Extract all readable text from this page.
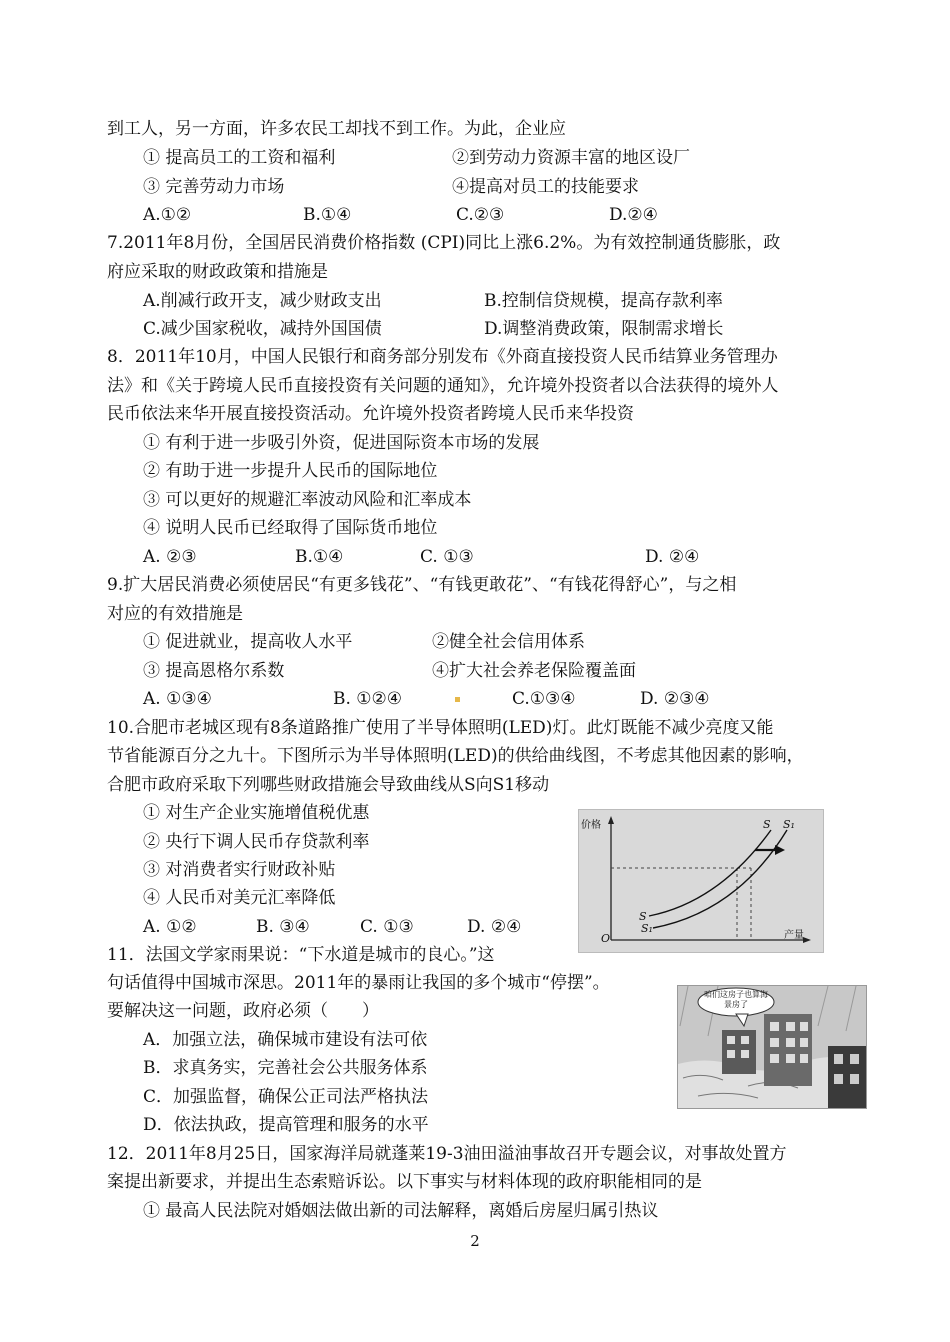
到工人，另一方面，许多农民工却找不到工作。为此，企业应
① 提高员工的工资和福利	②到劳动力资源丰富的地区设厂
③ 完善劳动力市场	④提高对员工的技能要求
A.①②	B.①④	C.②③	D.②④
7.2011年8月份，全国居民消费价格指数 (CPI)同比上涨6.2%。为有效控制通货膨胀，政
府应采取的财政政策和措施是
A.削减行政开支，减少财政支出	B.控制信贷规模，提高存款利率
C.减少国家税收，减持外国国债	D.调整消费政策，限制需求增长
8．2011年10月，中国人民银行和商务部分别发布《外商直接投资人民币结算业务管理办
法》和《关于跨境人民币直接投资有关问题的通知》，允许境外投资者以合法获得的境外人
民币依法来华开展直接投资活动。允许境外投资者跨境人民币来华投资
① 有利于进一步吸引外资，促进国际资本市场的发展
② 有助于进一步提升人民币的国际地位
③ 可以更好的规避汇率波动风险和汇率成本
④ 说明人民币已经取得了国际货币地位
A. ②③	B.①④	C. ①③	D. ②④
9.扩大居民消费必须使居民“有更多钱花”、“有钱更敢花”、“有钱花得舒心”，与之相
对应的有效措施是
① 促进就业，提高收人水平	②健全社会信用体系
③ 提高恩格尔系数	④扩大社会养老保险覆盖面
A. ①③④	B. ①②④	C.①③④	D. ②③④
10.合肥市老城区现有8条道路推广使用了半导体照明(LED)灯。此灯既能不减少亮度又能
节省能源百分之九十。下图所示为半导体照明(LED)的供给曲线图，不考虑其他因素的影响，
合肥市政府采取下列哪些财政措施会导致曲线从S向S1移动
① 对生产企业实施增值税优惠
② 央行下调人民币存贷款利率
③ 对消费者实行财政补贴
④ 人民币对美元汇率降低
A. ①②	B. ③④	C. ①③	D. ②④
价格
产量
O
S S₁
S
S₁
11．法国文学家雨果说：“下水道是城市的良心。”这
句话值得中国城市深思。2011年的暴雨让我国的多个城市“停摆”。
要解决这一问题，政府必须（　　）
A．加强立法，确保城市建设有法可依
B．求真务实，完善社会公共服务体系
C．加强监督，确保公正司法严格执法
D．依法执政，提高管理和服务的水平
咱们这房子也算海景房了
12．2011年8月25日，国家海洋局就蓬莱19-3油田溢油事故召开专题会议，对事故处置方
案提出新要求，并提出生态索赔诉讼。以下事实与材料体现的政府职能相同的是
① 最高人民法院对婚姻法做出新的司法解释，离婚后房屋归属引热议
2
